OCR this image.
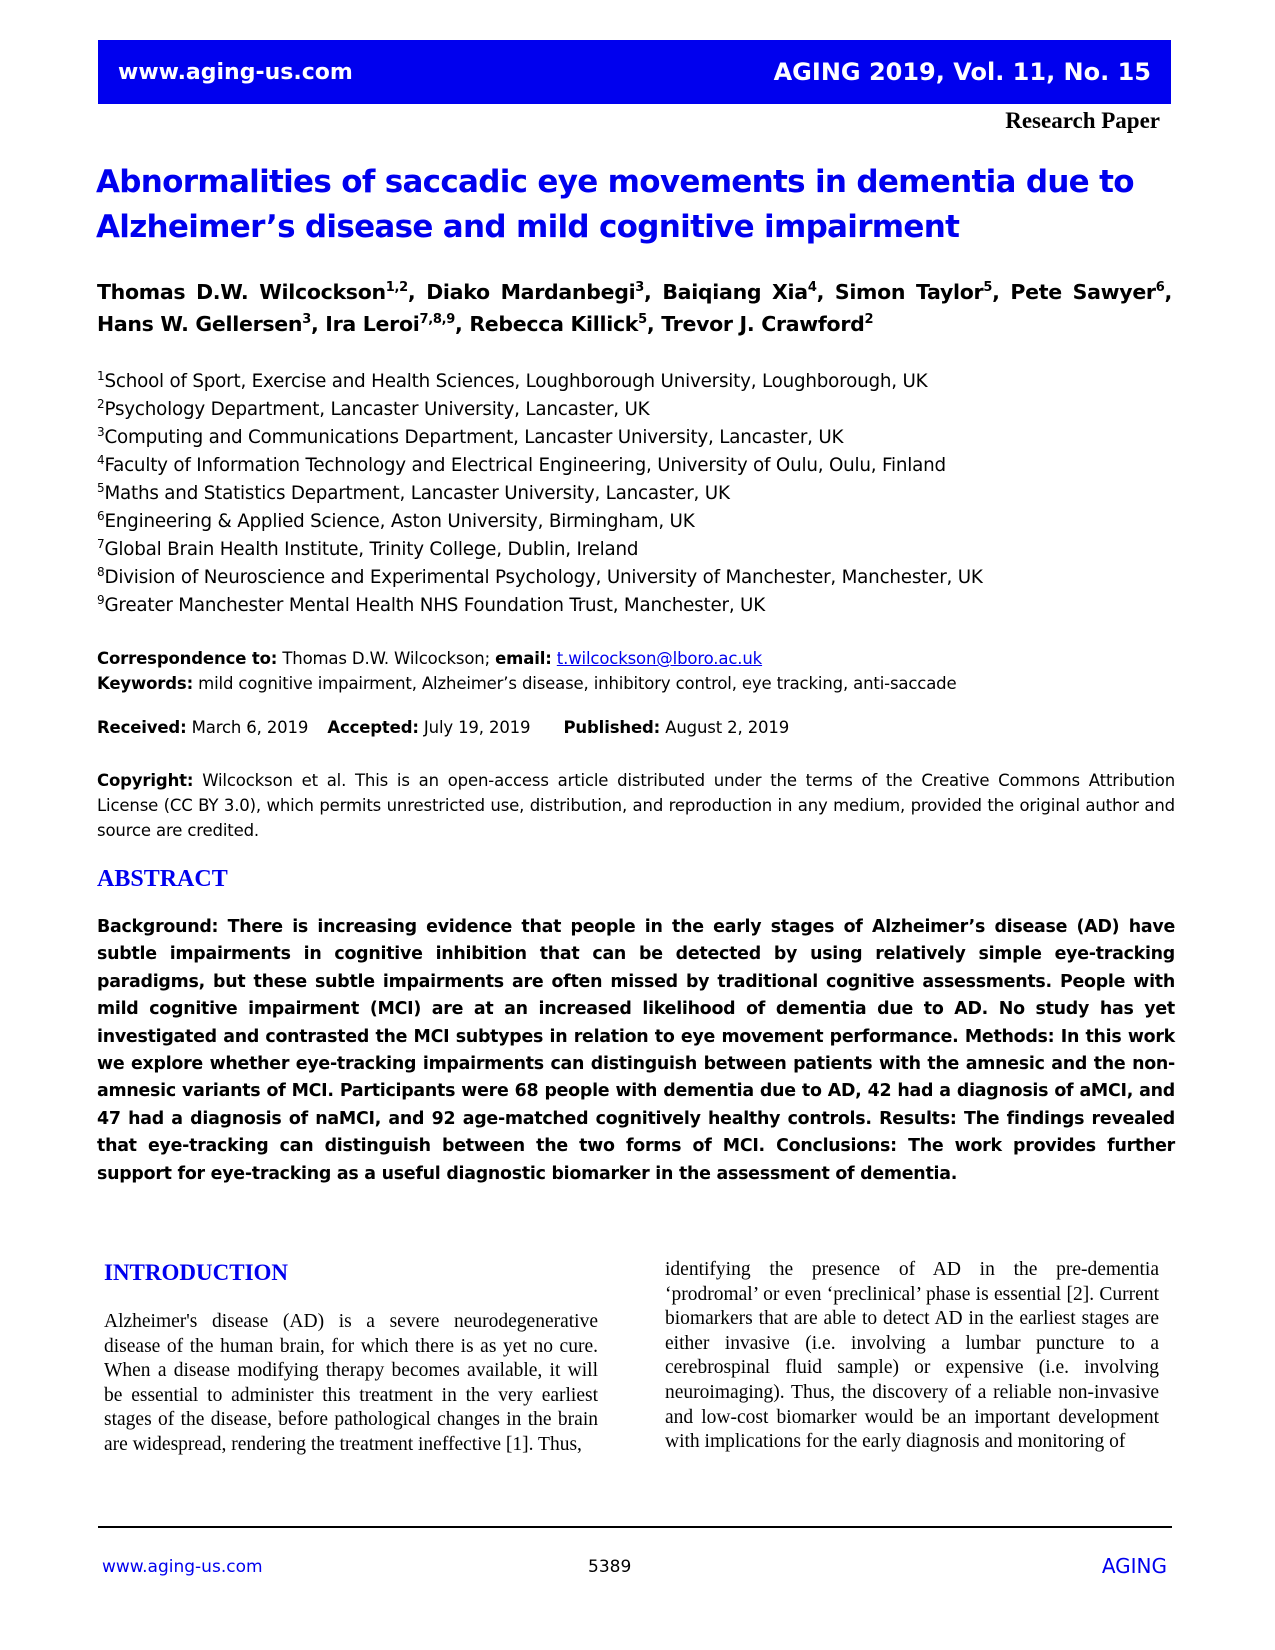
www.aging-us.com	AGING 2019, Vol. 11, No. 15
Research Paper
Abnormalities of saccadic eye movements in dementia due to Alzheimer’s disease and mild cognitive impairment
Thomas D.W. Wilcockson$^{1,2}$, Diako Mardanbegi$^3$, Baiqiang Xia$^4$, Simon Taylor$^5$, Pete Sawyer$^6$, Hans W. Gellersen$^3$, Ira Leroi$^{7,8,9}$, Rebecca Killick$^5$, Trevor J. Crawford$^2$
$^1$School of Sport, Exercise and Health Sciences, Loughborough University, Loughborough, UK
$^2$Psychology Department, Lancaster University, Lancaster, UK
$^3$Computing and Communications Department, Lancaster University, Lancaster, UK
$^4$Faculty of Information Technology and Electrical Engineering, University of Oulu, Oulu, Finland
$^5$Maths and Statistics Department, Lancaster University, Lancaster, UK
$^6$Engineering & Applied Science, Aston University, Birmingham, UK
$^7$Global Brain Health Institute, Trinity College, Dublin, Ireland
$^8$Division of Neuroscience and Experimental Psychology, University of Manchester, Manchester, UK
$^9$Greater Manchester Mental Health NHS Foundation Trust, Manchester, UK
Correspondence to: Thomas D.W. Wilcockson; email: t.wilcockson@lboro.ac.uk
Keywords: mild cognitive impairment, Alzheimer’s disease, inhibitory control, eye tracking, anti-saccade
Received: March 6, 2019 Accepted: July 19, 2019 Published: August 2, 2019
Copyright: Wilcockson et al. This is an open-access article distributed under the terms of the Creative Commons Attribution License (CC BY 3.0), which permits unrestricted use, distribution, and reproduction in any medium, provided the original author and source are credited.
ABSTRACT

Background: There is increasing evidence that people in the early stages of Alzheimer’s disease (AD) have subtle impairments in cognitive inhibition that can be detected by using relatively simple eye-tracking paradigms, but these subtle impairments are often missed by traditional cognitive assessments. People with mild cognitive impairment (MCI) are at an increased likelihood of dementia due to AD. No study has yet investigated and contrasted the MCI subtypes in relation to eye movement performance. Methods: In this work we explore whether eye-tracking impairments can distinguish between patients with the amnesic and the non-amnesic variants of MCI. Participants were 68 people with dementia due to AD, 42 had a diagnosis of aMCI, and 47 had a diagnosis of naMCI, and 92 age-matched cognitively healthy controls. Results: The findings revealed that eye-tracking can distinguish between the two forms of MCI. Conclusions: The work provides further support for eye-tracking as a useful diagnostic biomarker in the assessment of dementia.

INTRODUCTION

Alzheimer's disease (AD) is a severe neurodegenerative disease of the human brain, for which there is as yet no cure. When a disease modifying therapy becomes available, it will be essential to administer this treatment in the very earliest stages of the disease, before pathological changes in the brain are widespread, rendering the treatment ineffective [1]. Thus,

identifying the presence of AD in the pre-dementia ‘prodromal’ or even ‘preclinical’ phase is essential [2]. Current biomarkers that are able to detect AD in the earliest stages are either invasive (i.e. involving a lumbar puncture to a cerebrospinal fluid sample) or expensive (i.e. involving neuroimaging). Thus, the discovery of a reliable non-invasive and low-cost biomarker would be an important development with implications for the early diagnosis and monitoring of

www.aging-us.com	5389	AGING
